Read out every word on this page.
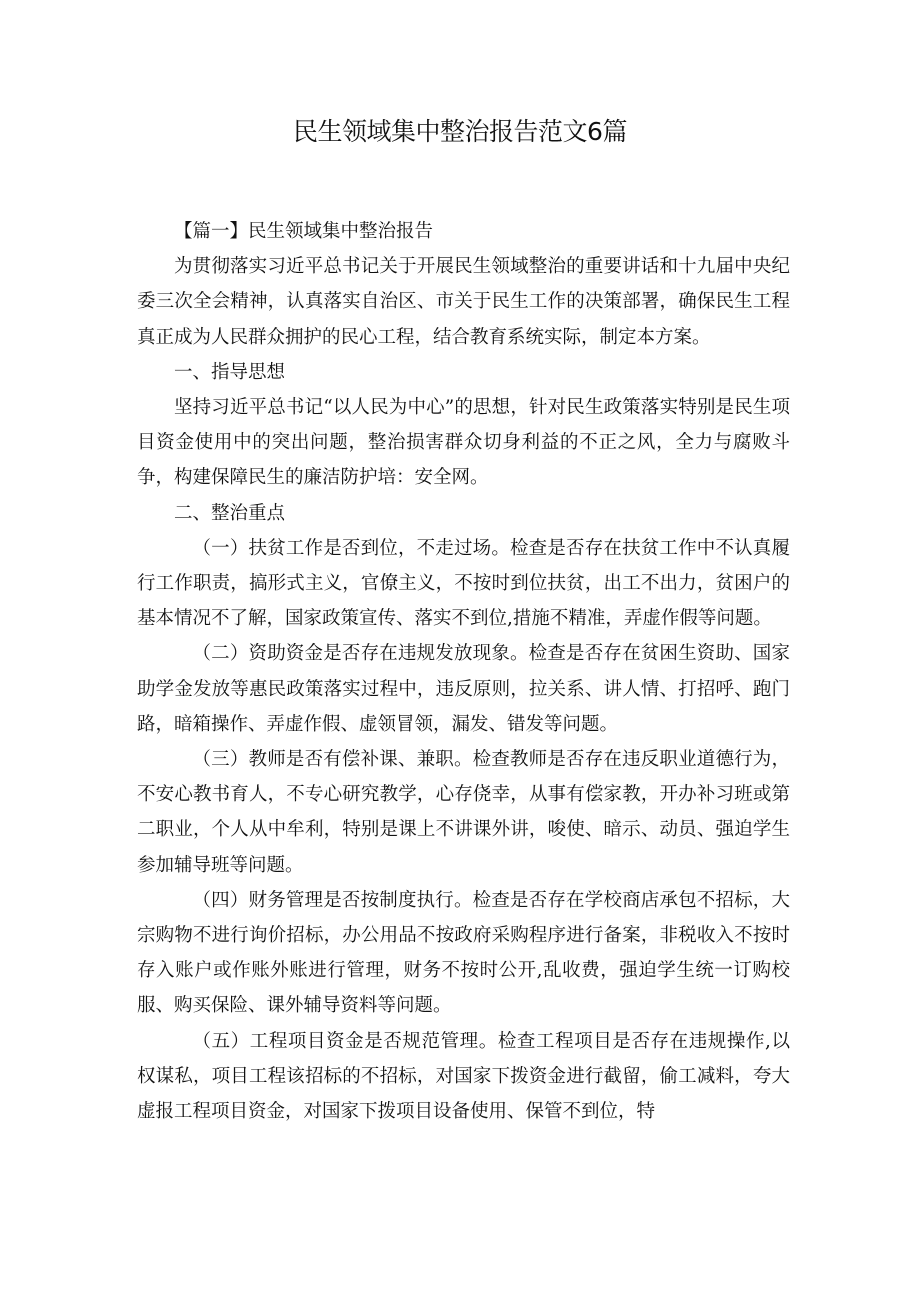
民生领域集中整治报告范文6篇

【篇一】民生领域集中整治报告

为贯彻落实习近平总书记关于开展民生领域整治的重要讲话和十九届中央纪委三次全会精神，认真落实自治区、市关于民生工作的决策部署，确保民生工程真正成为人民群众拥护的民心工程，结合教育系统实际，制定本方案。

一、指导思想

坚持习近平总书记“以人民为中心”的思想，针对民生政策落实特别是民生项目资金使用中的突出问题，整治损害群众切身利益的不正之风，全力与腐败斗争，构建保障民生的廉洁防护培：安全网。

二、整治重点

（一）扶贫工作是否到位，不走过场。检查是否存在扶贫工作中不认真履行工作职责，搞形式主义，官僚主义，不按时到位扶贫，出工不出力，贫困户的基本情况不了解，国家政策宣传、落实不到位,措施不精准，弄虚作假等问题。

（二）资助资金是否存在违规发放现象。检查是否存在贫困生资助、国家助学金发放等惠民政策落实过程中，违反原则，拉关系、讲人情、打招呼、跑门路，暗箱操作、弄虚作假、虚领冒领，漏发、错发等问题。

（三）教师是否有偿补课、兼职。检查教师是否存在违反职业道德行为，不安心教书育人，不专心研究教学，心存侥幸，从事有偿家教，开办补习班或第二职业，个人从中牟利，特别是课上不讲课外讲，唆使、暗示、动员、强迫学生参加辅导班等问题。

（四）财务管理是否按制度执行。检查是否存在学校商店承包不招标，大宗购物不进行询价招标，办公用品不按政府采购程序进行备案，非税收入不按时存入账户或作账外账进行管理，财务不按时公开,乱收费，强迫学生统一订购校服、购买保险、课外辅导资料等问题。

（五）工程项目资金是否规范管理。检查工程项目是否存在违规操作,以权谋私，项目工程该招标的不招标，对国家下拨资金进行截留，偷工减料，夸大虚报工程项目资金，对国家下拨项目设备使用、保管不到位，特
